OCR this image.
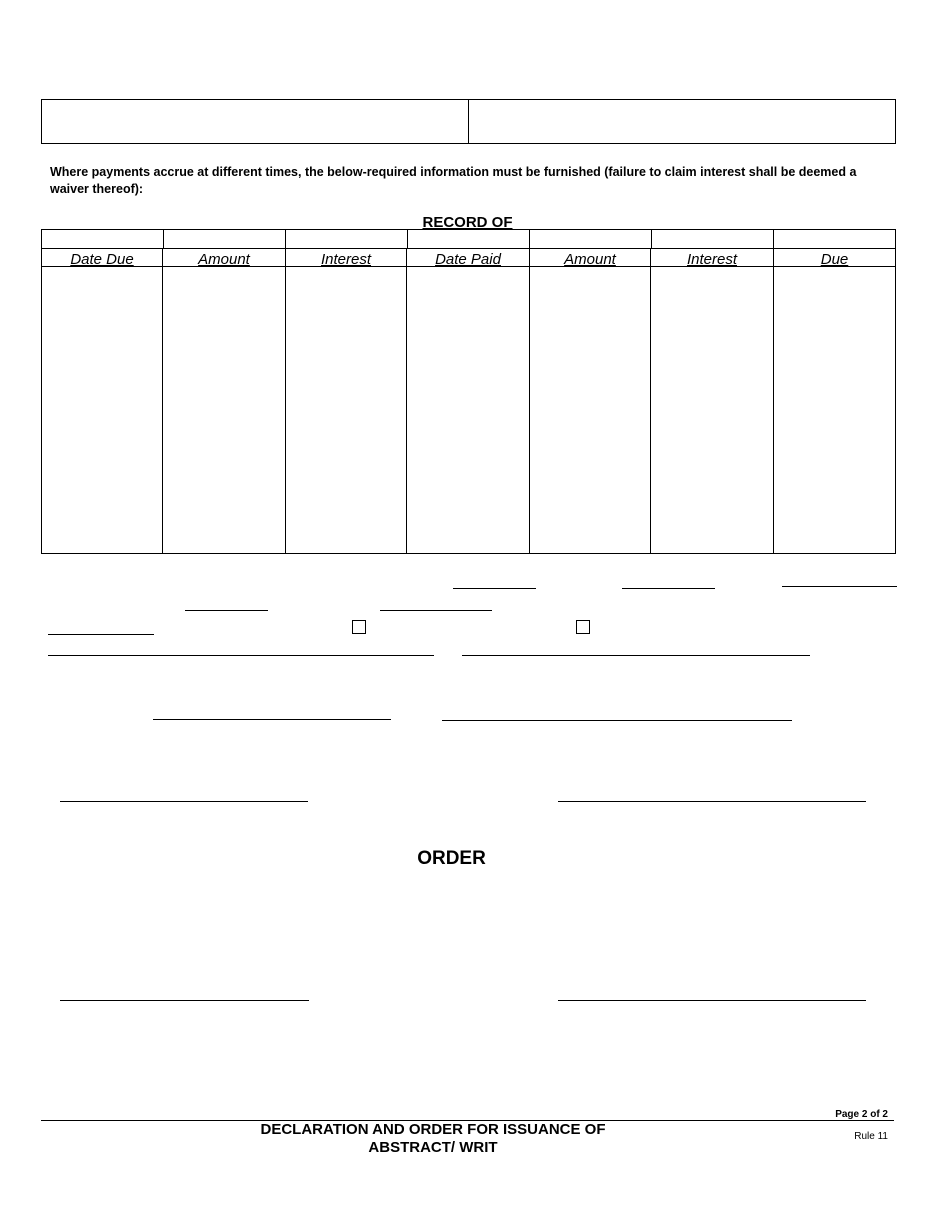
Where payments accrue at different times, the below-required information must be furnished (failure to claim interest shall be deemed a waiver thereof):
RECORD OF
Date Due	Amount	Interest	Date Paid	Amount	Interest	Due
ORDER
Page 2 of 2
DECLARATION AND ORDER FOR ISSUANCE OF
ABSTRACT/ WRIT
Rule 11
